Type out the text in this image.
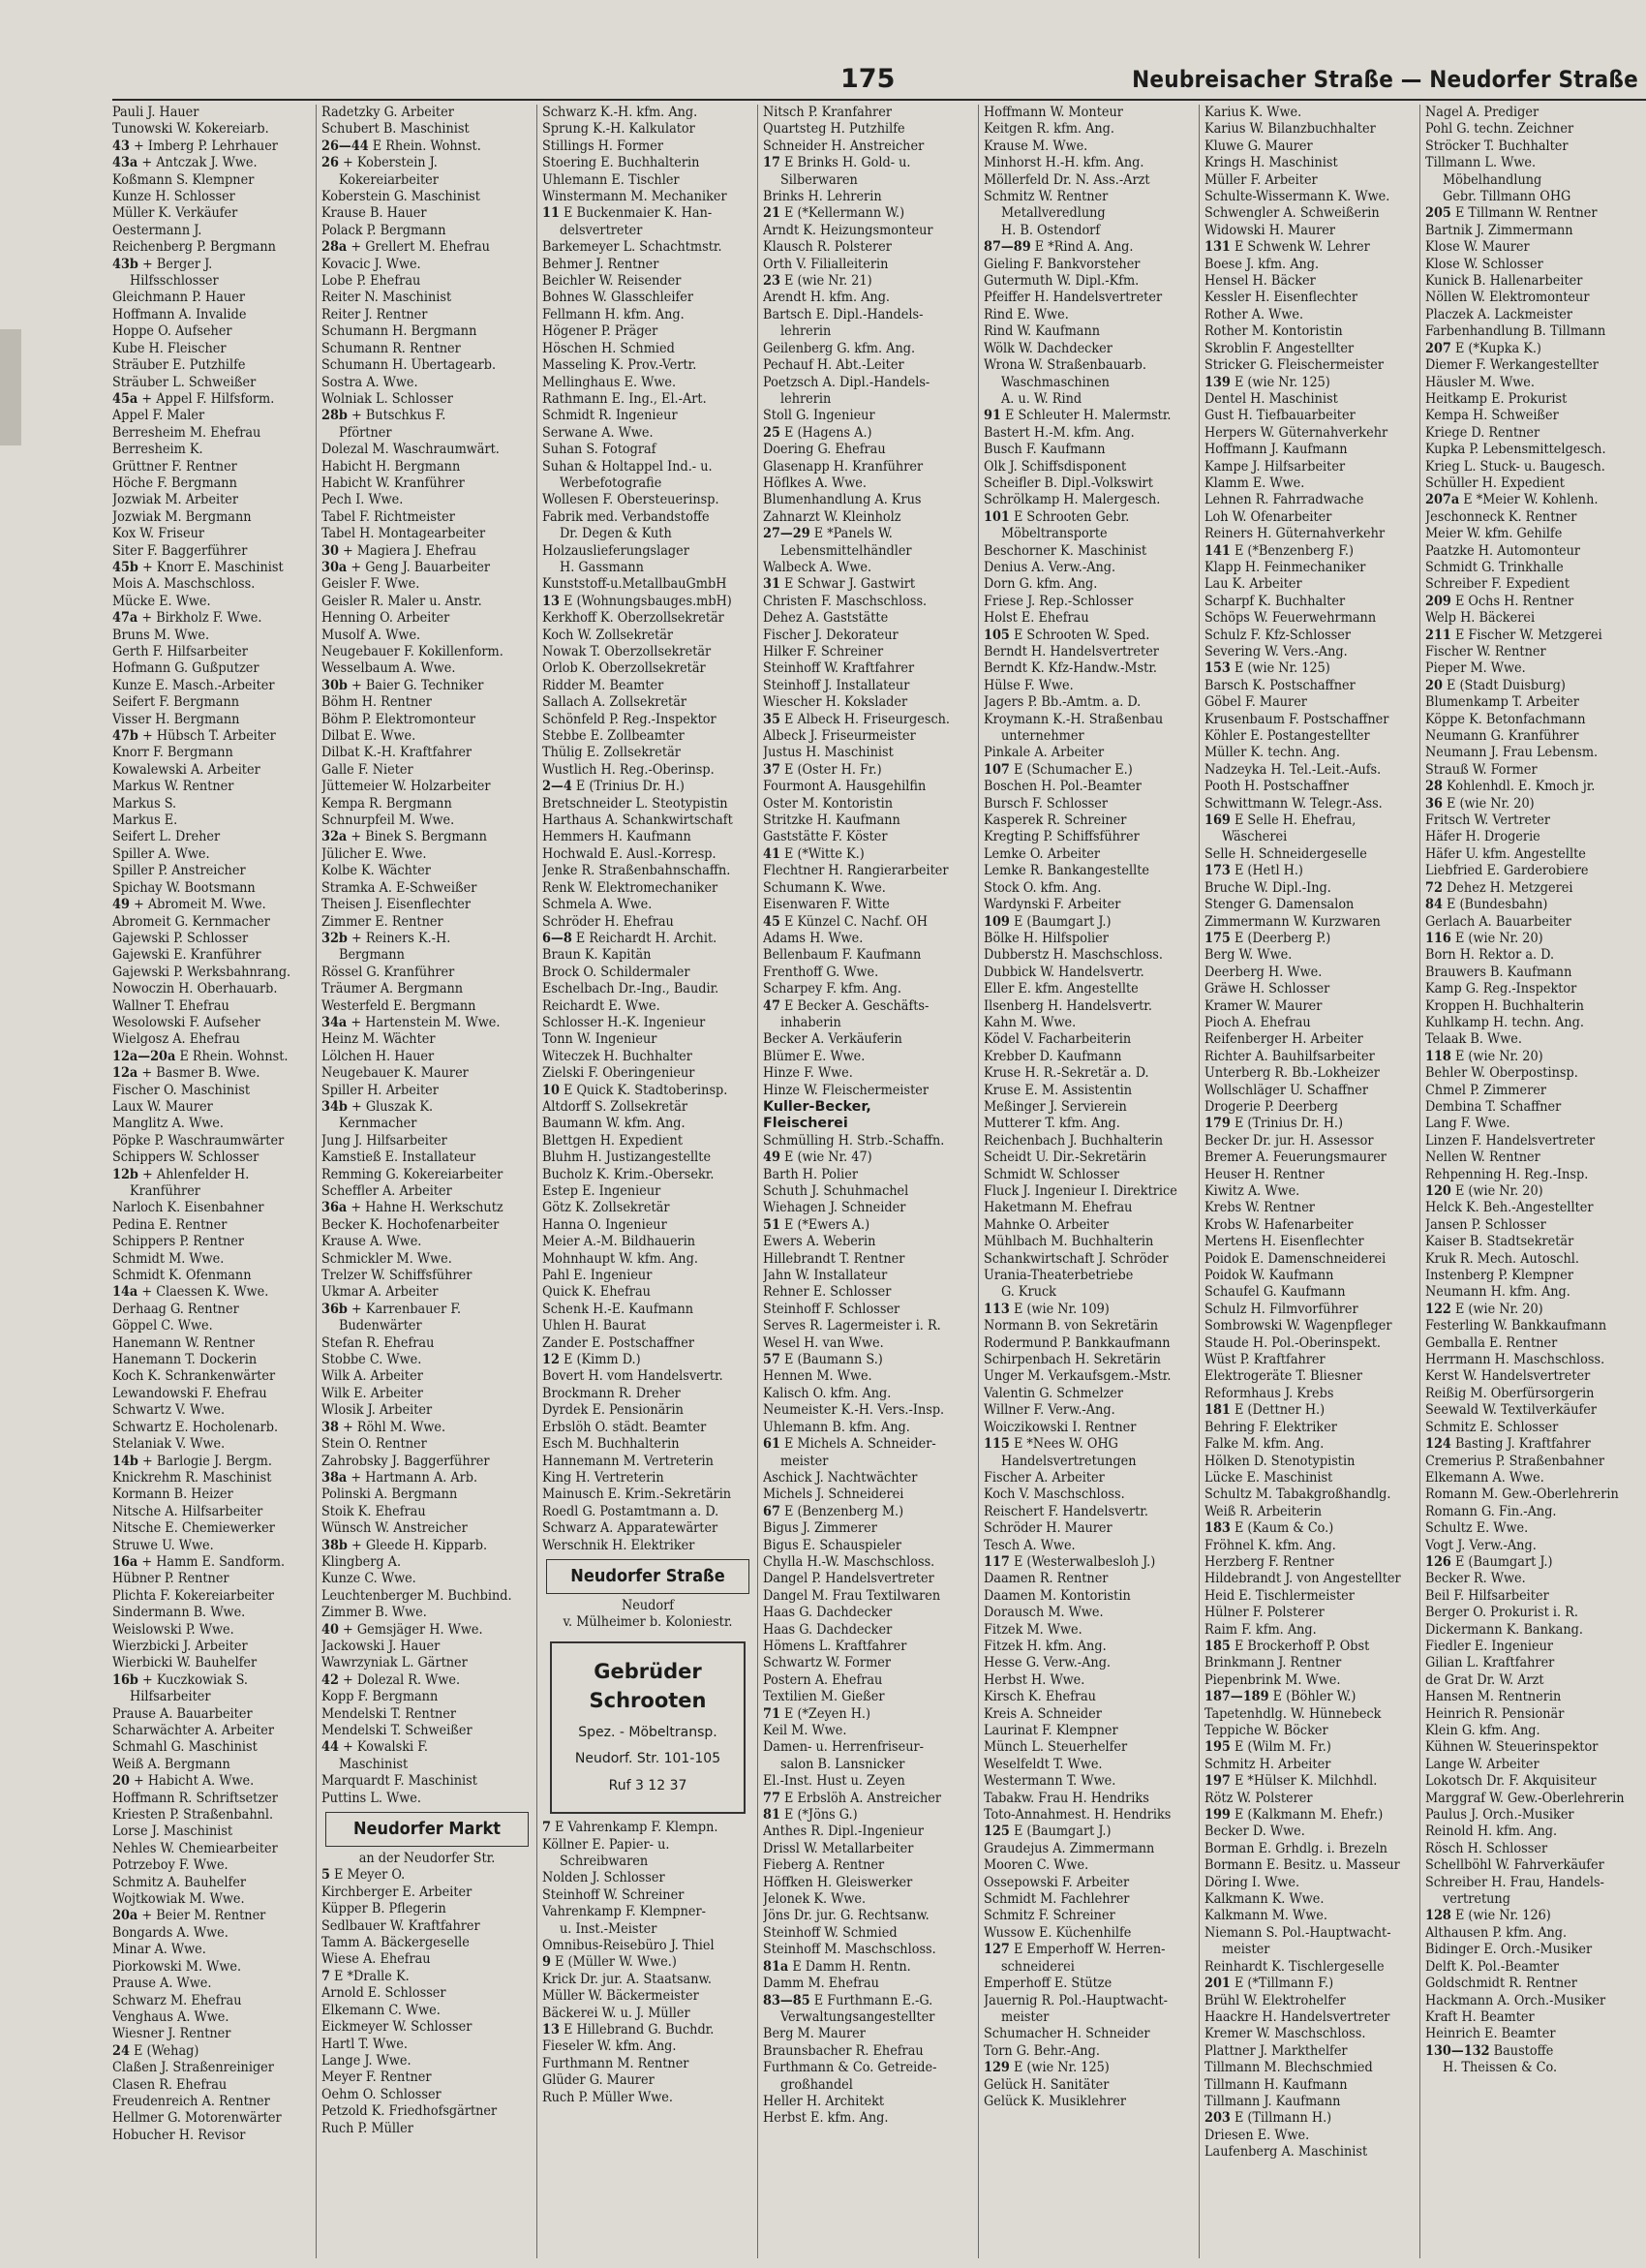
175	Neubreisacher Straße — Neudorfer Straße
Pauli J. Hauer
Tunowski W. Kokereiarb.
43 + Imberg P. Lehrhauer
43a + Antczak J. Wwe.
Koßmann S. Klempner
Kunze H. Schlosser
Müller K. Verkäufer
Oestermann J.
Reichenberg P. Bergmann
43b + Berger J.
Hilfsschlosser
Gleichmann P. Hauer
Hoffmann A. Invalide
Hoppe O. Aufseher
Kube H. Fleischer
Sträuber E. Putzhilfe
Sträuber L. Schweißer
45a + Appel F. Hilfsform.
Appel F. Maler
Berresheim M. Ehefrau
Berresheim K.
Grüttner F. Rentner
Höche F. Bergmann
Jozwiak M. Arbeiter
Jozwiak M. Bergmann
Kox W. Friseur
Siter F. Baggerführer
45b + Knorr E. Maschinist
Mois A. Maschschloss.
Mücke E. Wwe.
47a + Birkholz F. Wwe.
Bruns M. Wwe.
Gerth F. Hilfsarbeiter
Hofmann G. Gußputzer
Kunze E. Masch.-Arbeiter
Seifert F. Bergmann
Visser H. Bergmann
47b + Hübsch T. Arbeiter
Knorr F. Bergmann
Kowalewski A. Arbeiter
Markus W. Rentner
Markus S.
Markus E.
Seifert L. Dreher
Spiller A. Wwe.
Spiller P. Anstreicher
Spichay W. Bootsmann
49 + Abromeit M. Wwe.
Abromeit G. Kernmacher
Gajewski P. Schlosser
Gajewski E. Kranführer
Gajewski P. Werksbahnrang.
Nowoczin H. Oberhauarb.
Wallner T. Ehefrau
Wesolowski F. Aufseher
Wielgosz A. Ehefrau
12a—20a E Rhein. Wohnst.
12a + Basmer B. Wwe.
Fischer O. Maschinist
Laux W. Maurer
Manglitz A. Wwe.
Pöpke P. Waschraumwärter
Schippers W. Schlosser
12b + Ahlenfelder H.
Kranführer
Narloch K. Eisenbahner
Pedina E. Rentner
Schippers P. Rentner
Schmidt M. Wwe.
Schmidt K. Ofenmann
14a + Claessen K. Wwe.
Derhaag G. Rentner
Göppel C. Wwe.
Hanemann W. Rentner
Hanemann T. Dockerin
Koch K. Schrankenwärter
Lewandowski F. Ehefrau
Schwartz V. Wwe.
Schwartz E. Hocholenarb.
Stelaniak V. Wwe.
14b + Barlogie J. Bergm.
Knickrehm R. Maschinist
Kormann B. Heizer
Nitsche A. Hilfsarbeiter
Nitsche E. Chemiewerker
Struwe U. Wwe.
16a + Hamm E. Sandform.
Hübner P. Rentner
Plichta F. Kokereiarbeiter
Sindermann B. Wwe.
Weislowski P. Wwe.
Wierzbicki J. Arbeiter
Wierbicki W. Bauhelfer
16b + Kuczkowiak S.
Hilfsarbeiter
Prause A. Bauarbeiter
Scharwächter A. Arbeiter
Schmahl G. Maschinist
Weiß A. Bergmann
20 + Habicht A. Wwe.
Hoffmann R. Schriftsetzer
Kriesten P. Straßenbahnl.
Lorse J. Maschinist
Nehles W. Chemiearbeiter
Potrzeboy F. Wwe.
Schmitz A. Bauhelfer
Wojtkowiak M. Wwe.
20a + Beier M. Rentner
Bongards A. Wwe.
Minar A. Wwe.
Piorkowski M. Wwe.
Prause A. Wwe.
Schwarz M. Ehefrau
Venghaus A. Wwe.
Wiesner J. Rentner
24 E (Wehag)
Claßen J. Straßenreiniger
Clasen R. Ehefrau
Freudenreich A. Rentner
Hellmer G. Motorenwärter
Hobucher H. Revisor
Radetzky G. Arbeiter
Schubert B. Maschinist
26—44 E Rhein. Wohnst.
26 + Koberstein J.
Kokereiarbeiter
Koberstein G. Maschinist
Krause B. Hauer
Polack P. Bergmann
28a + Grellert M. Ehefrau
Kovacic J. Wwe.
Lobe P. Ehefrau
Reiter N. Maschinist
Reiter J. Rentner
Schumann H. Bergmann
Schumann R. Rentner
Schumann H. Übertagearb.
Sostra A. Wwe.
Wolniak L. Schlosser
28b + Butschkus F.
Pförtner
Dolezal M. Waschraumwärt.
Habicht H. Bergmann
Habicht W. Kranführer
Pech I. Wwe.
Tabel F. Richtmeister
Tabel H. Montagearbeiter
30 + Magiera J. Ehefrau
30a + Geng J. Bauarbeiter
Geisler F. Wwe.
Geisler R. Maler u. Anstr.
Henning O. Arbeiter
Musolf A. Wwe.
Neugebauer F. Kokillenform.
Wesselbaum A. Wwe.
30b + Baier G. Techniker
Böhm H. Rentner
Böhm P. Elektromonteur
Dilbat E. Wwe.
Dilbat K.-H. Kraftfahrer
Galle F. Nieter
Jüttemeier W. Holzarbeiter
Kempa R. Bergmann
Schnurpfeil M. Wwe.
32a + Binek S. Bergmann
Jülicher E. Wwe.
Kolbe K. Wächter
Stramka A. E-Schweißer
Theisen J. Eisenflechter
Zimmer E. Rentner
32b + Reiners K.-H.
Bergmann
Rössel G. Kranführer
Träumer A. Bergmann
Westerfeld E. Bergmann
34a + Hartenstein M. Wwe.
Heinz M. Wächter
Lölchen H. Hauer
Neugebauer K. Maurer
Spiller H. Arbeiter
34b + Gluszak K.
Kernmacher
Jung J. Hilfsarbeiter
Kamstieß E. Installateur
Remming G. Kokereiarbeiter
Scheffler A. Arbeiter
36a + Hahne H. Werkschutz
Becker K. Hochofenarbeiter
Krause A. Wwe.
Schmickler M. Wwe.
Trelzer W. Schiffsführer
Ukmar A. Arbeiter
36b + Karrenbauer F.
Budenwärter
Stefan R. Ehefrau
Stobbe C. Wwe.
Wilk A. Arbeiter
Wilk E. Arbeiter
Wlosik J. Arbeiter
38 + Röhl M. Wwe.
Stein O. Rentner
Zahrobsky J. Baggerführer
38a + Hartmann A. Arb.
Polinski A. Bergmann
Stoik K. Ehefrau
Wünsch W. Anstreicher
38b + Gleede H. Kipparb.
Klingberg A.
Kunze C. Wwe.
Leuchtenberger M. Buchbind.
Zimmer B. Wwe.
40 + Gemsjäger H. Wwe.
Jackowski J. Hauer
Wawrzyniak L. Gärtner
42 + Dolezal R. Wwe.
Kopp F. Bergmann
Mendelski T. Rentner
Mendelski T. Schweißer
44 + Kowalski F.
Maschinist
Marquardt F. Maschinist
Puttins L. Wwe.
Neudorfer Markt
an der Neudorfer Str.
5 E Meyer O.
Kirchberger E. Arbeiter
Küpper B. Pflegerin
Sedlbauer W. Kraftfahrer
Tamm A. Bäckergeselle
Wiese A. Ehefrau
7 E *Dralle K.
Arnold E. Schlosser
Elkemann C. Wwe.
Eickmeyer W. Schlosser
Hartl T. Wwe.
Lange J. Wwe.
Meyer F. Rentner
Oehm O. Schlosser
Petzold K. Friedhofsgärtner
Ruch P. Müller
Schwarz K.-H. kfm. Ang.
Sprung K.-H. Kalkulator
Stillings H. Former
Stoering E. Buchhalterin
Uhlemann E. Tischler
Winstermann M. Mechaniker
11 E Buckenmaier K. Han-
delsvertreter
Barkemeyer L. Schachtmstr.
Behmer J. Rentner
Beichler W. Reisender
Bohnes W. Glasschleifer
Fellmann H. kfm. Ang.
Högener P. Präger
Höschen H. Schmied
Masseling K. Prov.-Vertr.
Mellinghaus E. Wwe.
Rathmann E. Ing., El.-Art.
Schmidt R. Ingenieur
Serwane A. Wwe.
Suhan S. Fotograf
Suhan & Holtappel Ind.- u.
Werbefotografie
Wollesen F. Obersteuerinsp.
Fabrik med. Verbandstoffe
Dr. Degen & Kuth
Holzauslieferungslager
H. Gassmann
Kunststoff-u.MetallbauGmbH
13 E (Wohnungsbauges.mbH)
Kerkhoff K. Oberzollsekretär
Koch W. Zollsekretär
Nowak T. Oberzollsekretär
Orlob K. Oberzollsekretär
Ridder M. Beamter
Sallach A. Zollsekretär
Schönfeld P. Reg.-Inspektor
Stebbe E. Zollbeamter
Thülig E. Zollsekretär
Wustlich H. Reg.-Oberinsp.
2—4 E (Trinius Dr. H.)
Bretschneider L. Steotypistin
Harthaus A. Schankwirtschaft
Hemmers H. Kaufmann
Hochwald E. Ausl.-Korresp.
Jenke R. Straßenbahnschaffn.
Renk W. Elektromechaniker
Schmela A. Wwe.
Schröder H. Ehefrau
6—8 E Reichardt H. Archit.
Braun K. Kapitän
Brock O. Schildermaler
Eschelbach Dr.-Ing., Baudir.
Reichardt E. Wwe.
Schlosser H.-K. Ingenieur
Tonn W. Ingenieur
Witeczek H. Buchhalter
Zielski F. Oberingenieur
10 E Quick K. Stadtoberinsp.
Altdorff S. Zollsekretär
Baumann W. kfm. Ang.
Blettgen H. Expedient
Bluhm H. Justizangestellte
Bucholz K. Krim.-Obersekr.
Estep E. Ingenieur
Götz K. Zollsekretär
Hanna O. Ingenieur
Meier A.-M. Bildhauerin
Mohnhaupt W. kfm. Ang.
Pahl E. Ingenieur
Quick K. Ehefrau
Schenk H.-E. Kaufmann
Uhlen H. Baurat
Zander E. Postschaffner
12 E (Kimm D.)
Bovert H. vom Handelsvertr.
Brockmann R. Dreher
Dyrdek E. Pensionärin
Erbslöh O. städt. Beamter
Esch M. Buchhalterin
Hannemann M. Vertreterin
King H. Vertreterin
Mainusch E. Krim.-Sekretärin
Roedl G. Postamtmann a. D.
Schwarz A. Apparatewärter
Werschnik H. Elektriker
Neudorfer Straße
Neudorf
v. Mülheimer b. Koloniestr.
Gebrüder
Schrooten
Spez. - Möbeltransp.
Neudorf. Str. 101-105
Ruf 3 12 37
7 E Vahrenkamp F. Klempn.
Köllner E. Papier- u.
Schreibwaren
Nolden J. Schlosser
Steinhoff W. Schreiner
Vahrenkamp F. Klempner-
u. Inst.-Meister
Omnibus-Reisebüro J. Thiel
9 E (Müller W. Wwe.)
Krick Dr. jur. A. Staatsanw.
Müller W. Bäckermeister
Bäckerei W. u. J. Müller
13 E Hillebrand G. Buchdr.
Fieseler W. kfm. Ang.
Furthmann M. Rentner
Glüder G. Maurer
Ruch P. Müller Wwe.
Nitsch P. Kranfahrer
Quartsteg H. Putzhilfe
Schneider H. Anstreicher
17 E Brinks H. Gold- u.
Silberwaren
Brinks H. Lehrerin
21 E (*Kellermann W.)
Arndt K. Heizungsmonteur
Klausch R. Polsterer
Orth V. Filialleiterin
23 E (wie Nr. 21)
Arendt H. kfm. Ang.
Bartsch E. Dipl.-Handels-
lehrerin
Geilenberg G. kfm. Ang.
Pechauf H. Abt.-Leiter
Poetzsch A. Dipl.-Handels-
lehrerin
Stoll G. Ingenieur
25 E (Hagens A.)
Doering G. Ehefrau
Glasenapp H. Kranführer
Höflkes A. Wwe.
Blumenhandlung A. Krus
Zahnarzt W. Kleinholz
27—29 E *Panels W.
Lebensmittelhändler
Walbeck A. Wwe.
31 E Schwar J. Gastwirt
Christen F. Maschschloss.
Dehez A. Gaststätte
Fischer J. Dekorateur
Hilker F. Schreiner
Steinhoff W. Kraftfahrer
Steinhoff J. Installateur
Wiescher H. Kokslader
35 E Albeck H. Friseurgesch.
Albeck J. Friseurmeister
Justus H. Maschinist
37 E (Oster H. Fr.)
Fourmont A. Hausgehilfin
Oster M. Kontoristin
Stritzke H. Kaufmann
Gaststätte F. Köster
41 E (*Witte K.)
Flechtner H. Rangierarbeiter
Schumann K. Wwe.
Eisenwaren F. Witte
45 E Künzel C. Nachf. OH
Adams H. Wwe.
Bellenbaum F. Kaufmann
Frenthoff G. Wwe.
Scharpey F. kfm. Ang.
47 E Becker A. Geschäfts-
inhaberin
Becker A. Verkäuferin
Blümer E. Wwe.
Hinze F. Wwe.
Hinze W. Fleischermeister
Kuller-Becker,
Fleischerei
Schmülling H. Strb.-Schaffn.
49 E (wie Nr. 47)
Barth H. Polier
Schuth J. Schuhmachel
Wiehagen J. Schneider
51 E (*Ewers A.)
Ewers A. Weberin
Hillebrandt T. Rentner
Jahn W. Installateur
Rehner E. Schlosser
Steinhoff F. Schlosser
Serves R. Lagermeister i. R.
Wesel H. van Wwe.
57 E (Baumann S.)
Hennen M. Wwe.
Kalisch O. kfm. Ang.
Neumeister K.-H. Vers.-Insp.
Uhlemann B. kfm. Ang.
61 E Michels A. Schneider-
meister
Aschick J. Nachtwächter
Michels J. Schneiderei
67 E (Benzenberg M.)
Bigus J. Zimmerer
Bigus E. Schauspieler
Chylla H.-W. Maschschloss.
Dangel P. Handelsvertreter
Dangel M. Frau Textilwaren
Haas G. Dachdecker
Haas G. Dachdecker
Hömens L. Kraftfahrer
Schwartz W. Former
Postern A. Ehefrau
Textilien M. Gießer
71 E (*Zeyen H.)
Keil M. Wwe.
Damen- u. Herrenfriseur-
salon B. Lansnicker
El.-Inst. Hust u. Zeyen
77 E Erbslöh A. Anstreicher
81 E (*Jöns G.)
Anthes R. Dipl.-Ingenieur
Drissl W. Metallarbeiter
Fieberg A. Rentner
Höffken H. Gleiswerker
Jelonek K. Wwe.
Jöns Dr. jur. G. Rechtsanw.
Steinhoff W. Schmied
Steinhoff M. Maschschloss.
81a E Damm H. Rentn.
Damm M. Ehefrau
83—85 E Furthmann E.-G.
Verwaltungsangestellter
Berg M. Maurer
Braunsbacher R. Ehefrau
Furthmann & Co. Getreide-
großhandel
Heller H. Architekt
Herbst E. kfm. Ang.
Hoffmann W. Monteur
Keitgen R. kfm. Ang.
Krause M. Wwe.
Minhorst H.-H. kfm. Ang.
Möllerfeld Dr. N. Ass.-Arzt
Schmitz W. Rentner
Metallveredlung
H. B. Ostendorf
87—89 E *Rind A. Ang.
Gieling F. Bankvorsteher
Gutermuth W. Dipl.-Kfm.
Pfeiffer H. Handelsvertreter
Rind E. Wwe.
Rind W. Kaufmann
Wölk W. Dachdecker
Wrona W. Straßenbauarb.
Waschmaschinen
A. u. W. Rind
91 E Schleuter H. Malermstr.
Bastert H.-M. kfm. Ang.
Busch F. Kaufmann
Olk J. Schiffsdisponent
Scheifler B. Dipl.-Volkswirt
Schrölkamp H. Malergesch.
101 E Schrooten Gebr.
Möbeltransporte
Beschorner K. Maschinist
Denius A. Verw.-Ang.
Dorn G. kfm. Ang.
Friese J. Rep.-Schlosser
Holst E. Ehefrau
105 E Schrooten W. Sped.
Berndt H. Handelsvertreter
Berndt K. Kfz-Handw.-Mstr.
Hülse F. Wwe.
Jagers P. Bb.-Amtm. a. D.
Kroymann K.-H. Straßenbau
unternehmer
Pinkale A. Arbeiter
107 E (Schumacher E.)
Boschen H. Pol.-Beamter
Bursch F. Schlosser
Kasperek R. Schreiner
Kregting P. Schiffsführer
Lemke O. Arbeiter
Lemke R. Bankangestellte
Stock O. kfm. Ang.
Wardynski F. Arbeiter
109 E (Baumgart J.)
Bölke H. Hilfspolier
Dubberstz H. Maschschloss.
Dubbick W. Handelsvertr.
Eller E. kfm. Angestellte
Ilsenberg H. Handelsvertr.
Kahn M. Wwe.
Ködel V. Facharbeiterin
Krebber D. Kaufmann
Kruse H. R.-Sekretär a. D.
Kruse E. M. Assistentin
Meßinger J. Servierein
Mutterer T. kfm. Ang.
Reichenbach J. Buchhalterin
Scheidt U. Dir.-Sekretärin
Schmidt W. Schlosser
Fluck J. Ingenieur I. Direktrice
Haketmann M. Ehefrau
Mahnke O. Arbeiter
Mühlbach M. Buchhalterin
Schankwirtschaft J. Schröder
Urania-Theaterbetriebe
G. Kruck
113 E (wie Nr. 109)
Normann B. von Sekretärin
Rodermund P. Bankkaufmann
Schirpenbach H. Sekretärin
Unger M. Verkaufsgem.-Mstr.
Valentin G. Schmelzer
Willner F. Verw.-Ang.
Woiczikowski I. Rentner
115 E *Nees W. OHG
Handelsvertretungen
Fischer A. Arbeiter
Koch V. Maschschloss.
Reischert F. Handelsvertr.
Schröder H. Maurer
Tesch A. Wwe.
117 E (Westerwalbesloh J.)
Daamen R. Rentner
Daamen M. Kontoristin
Dorausch M. Wwe.
Fitzek M. Wwe.
Fitzek H. kfm. Ang.
Hesse G. Verw.-Ang.
Herbst H. Wwe.
Kirsch K. Ehefrau
Kreis A. Schneider
Laurinat F. Klempner
Münch L. Steuerhelfer
Weselfeldt T. Wwe.
Westermann T. Wwe.
Tabakw. Frau H. Hendriks
Toto-Annahmest. H. Hendriks
125 E (Baumgart J.)
Graudejus A. Zimmermann
Mooren C. Wwe.
Ossepowski F. Arbeiter
Schmidt M. Fachlehrer
Schmitz F. Schreiner
Wussow E. Küchenhilfe
127 E Emperhoff W. Herren-
schneiderei
Emperhoff E. Stütze
Jauernig R. Pol.-Hauptwacht-
meister
Schumacher H. Schneider
Torn G. Behr.-Ang.
129 E (wie Nr. 125)
Gelück H. Sanitäter
Gelück K. Musiklehrer
Karius K. Wwe.
Karius W. Bilanzbuchhalter
Kluwe G. Maurer
Krings H. Maschinist
Müller F. Arbeiter
Schulte-Wissermann K. Wwe.
Schwengler A. Schweißerin
Widowski H. Maurer
131 E Schwenk W. Lehrer
Boese J. kfm. Ang.
Hensel H. Bäcker
Kessler H. Eisenflechter
Rother A. Wwe.
Rother M. Kontoristin
Skroblin F. Angestellter
Stricker G. Fleischermeister
139 E (wie Nr. 125)
Dentel H. Maschinist
Gust H. Tiefbauarbeiter
Herpers W. Güternahverkehr
Hoffmann J. Kaufmann
Kampe J. Hilfsarbeiter
Klamm E. Wwe.
Lehnen R. Fahrradwache
Loh W. Ofenarbeiter
Reiners H. Güternahverkehr
141 E (*Benzenberg F.)
Klapp H. Feinmechaniker
Lau K. Arbeiter
Scharpf K. Buchhalter
Schöps W. Feuerwehrmann
Schulz F. Kfz-Schlosser
Severing W. Vers.-Ang.
153 E (wie Nr. 125)
Barsch K. Postschaffner
Göbel F. Maurer
Krusenbaum F. Postschaffner
Köhler E. Postangestellter
Müller K. techn. Ang.
Nadzeyka H. Tel.-Leit.-Aufs.
Pooth H. Postschaffner
Schwittmann W. Telegr.-Ass.
169 E Selle H. Ehefrau,
Wäscherei
Selle H. Schneidergeselle
173 E (Hetl H.)
Bruche W. Dipl.-Ing.
Stenger G. Damensalon
Zimmermann W. Kurzwaren
175 E (Deerberg P.)
Berg W. Wwe.
Deerberg H. Wwe.
Gräwe H. Schlosser
Kramer W. Maurer
Pioch A. Ehefrau
Reifenberger H. Arbeiter
Richter A. Bauhilfsarbeiter
Unterberg R. Bb.-Lokheizer
Wollschläger U. Schaffner
Drogerie P. Deerberg
179 E (Trinius Dr. H.)
Becker Dr. jur. H. Assessor
Bremer A. Feuerungsmaurer
Heuser H. Rentner
Kiwitz A. Wwe.
Krebs W. Rentner
Krobs W. Hafenarbeiter
Mertens H. Eisenflechter
Poidok E. Damenschneiderei
Poidok W. Kaufmann
Schaufel G. Kaufmann
Schulz H. Filmvorführer
Sombrowski W. Wagenpfleger
Staude H. Pol.-Oberinspekt.
Wüst P. Kraftfahrer
Elektrogeräte T. Bliesner
Reformhaus J. Krebs
181 E (Dettner H.)
Behring F. Elektriker
Falke M. kfm. Ang.
Hölken D. Stenotypistin
Lücke E. Maschinist
Schultz M. Tabakgroßhandlg.
Weiß R. Arbeiterin
183 E (Kaum & Co.)
Fröhnel K. kfm. Ang.
Herzberg F. Rentner
Hildebrandt J. von Angestellter
Heid E. Tischlermeister
Hülner F. Polsterer
Raim F. kfm. Ang.
185 E Brockerhoff P. Obst
Brinkmann J. Rentner
Piepenbrink M. Wwe.
187—189 E (Böhler W.)
Tapetenhdlg. W. Hünnebeck
Teppiche W. Böcker
195 E (Wilm M. Fr.)
Schmitz H. Arbeiter
197 E *Hülser K. Milchhdl.
Rötz W. Polsterer
199 E (Kalkmann M. Ehefr.)
Becker D. Wwe.
Borman E. Grhdlg. i. Brezeln
Bormann E. Besitz. u. Masseur
Döring I. Wwe.
Kalkmann K. Wwe.
Kalkmann M. Wwe.
Niemann S. Pol.-Hauptwacht-
meister
Reinhardt K. Tischlergeselle
201 E (*Tillmann F.)
Brühl W. Elektrohelfer
Haackre H. Handelsvertreter
Kremer W. Maschschloss.
Plattner J. Markthelfer
Tillmann M. Blechschmied
Tillmann H. Kaufmann
Tillmann J. Kaufmann
203 E (Tillmann H.)
Driesen E. Wwe.
Laufenberg A. Maschinist
Nagel A. Prediger
Pohl G. techn. Zeichner
Ströcker T. Buchhalter
Tillmann L. Wwe.
Möbelhandlung
Gebr. Tillmann OHG
205 E Tillmann W. Rentner
Bartnik J. Zimmermann
Klose W. Maurer
Klose W. Schlosser
Kunick B. Hallenarbeiter
Nöllen W. Elektromonteur
Placzek A. Lackmeister
Farbenhandlung B. Tillmann
207 E (*Kupka K.)
Diemer F. Werkangestellter
Häusler M. Wwe.
Heitkamp E. Prokurist
Kempa H. Schweißer
Kriege D. Rentner
Kupka P. Lebensmittelgesch.
Krieg L. Stuck- u. Baugesch.
Schüller H. Expedient
207a E *Meier W. Kohlenh.
Jeschonneck K. Rentner
Meier W. kfm. Gehilfe
Paatzke H. Automonteur
Schmidt G. Trinkhalle
Schreiber F. Expedient
209 E Ochs H. Rentner
Welp H. Bäckerei
211 E Fischer W. Metzgerei
Fischer W. Rentner
Pieper M. Wwe.
20 E (Stadt Duisburg)
Blumenkamp T. Arbeiter
Köppe K. Betonfachmann
Neumann G. Kranführer
Neumann J. Frau Lebensm.
Strauß W. Former
28 Kohlenhdl. E. Kmoch jr.
36 E (wie Nr. 20)
Fritsch W. Vertreter
Häfer H. Drogerie
Häfer U. kfm. Angestellte
Liebfried E. Garderobiere
72 Dehez H. Metzgerei
84 E (Bundesbahn)
Gerlach A. Bauarbeiter
116 E (wie Nr. 20)
Born H. Rektor a. D.
Brauwers B. Kaufmann
Kamp G. Reg.-Inspektor
Kroppen H. Buchhalterin
Kuhlkamp H. techn. Ang.
Telaak B. Wwe.
118 E (wie Nr. 20)
Behler W. Oberpostinsp.
Chmel P. Zimmerer
Dembina T. Schaffner
Lang F. Wwe.
Linzen F. Handelsvertreter
Nellen W. Rentner
Rehpenning H. Reg.-Insp.
120 E (wie Nr. 20)
Helck K. Beh.-Angestellter
Jansen P. Schlosser
Kaiser B. Stadtsekretär
Kruk R. Mech. Autoschl.
Instenberg P. Klempner
Neumann H. kfm. Ang.
122 E (wie Nr. 20)
Festerling W. Bankkaufmann
Gemballa E. Rentner
Herrmann H. Maschschloss.
Kerst W. Handelsvertreter
Reißig M. Oberfürsorgerin
Seewald W. Textilverkäufer
Schmitz E. Schlosser
124 Basting J. Kraftfahrer
Cremerius P. Straßenbahner
Elkemann A. Wwe.
Romann M. Gew.-Oberlehrerin
Romann G. Fin.-Ang.
Schultz E. Wwe.
Vogt J. Verw.-Ang.
126 E (Baumgart J.)
Becker R. Wwe.
Beil F. Hilfsarbeiter
Berger O. Prokurist i. R.
Dickermann K. Bankang.
Fiedler E. Ingenieur
Gilian L. Kraftfahrer
de Grat Dr. W. Arzt
Hansen M. Rentnerin
Heinrich R. Pensionär
Klein G. kfm. Ang.
Kühnen W. Steuerinspektor
Lange W. Arbeiter
Lokotsch Dr. F. Akquisiteur
Marggraf W. Gew.-Oberlehrerin
Paulus J. Orch.-Musiker
Reinold H. kfm. Ang.
Rösch H. Schlosser
Schellböhl W. Fahrverkäufer
Schreiber H. Frau, Handels-
vertretung
128 E (wie Nr. 126)
Althausen P. kfm. Ang.
Bidinger E. Orch.-Musiker
Delft K. Pol.-Beamter
Goldschmidt R. Rentner
Hackmann A. Orch.-Musiker
Kraft H. Beamter
Heinrich E. Beamter
130—132 Baustoffe
H. Theissen & Co.
